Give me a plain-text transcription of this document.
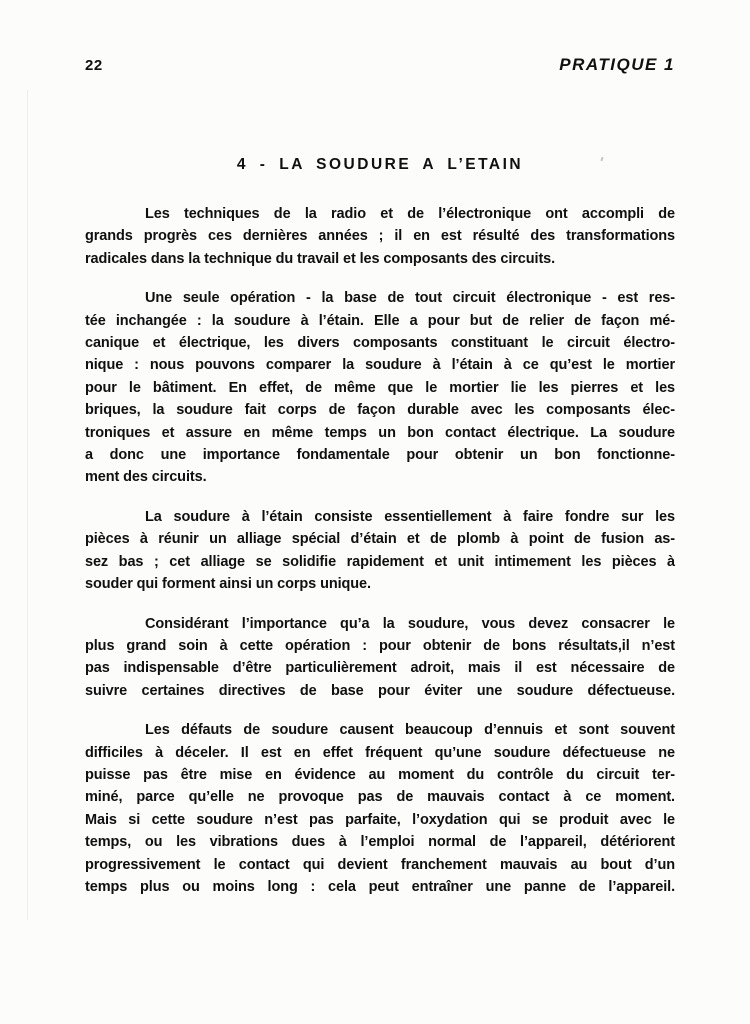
22	PRATIQUE 1
4 - LA SOUDURE A L’ETAIN
Les techniques de la radio et de l’électronique ont accompli de
grands progrès ces dernières années ; il en est résulté des transformations
radicales dans la technique du travail et les composants des circuits.
Une seule opération - la base de tout circuit électronique - est res-
tée inchangée : la soudure à l’étain. Elle a pour but de relier de façon mé-
canique et électrique, les divers composants constituant le circuit électro-
nique : nous pouvons comparer la soudure à l’étain à ce qu’est le mortier
pour le bâtiment. En effet, de même que le mortier lie les pierres et les
briques, la soudure fait corps de façon durable avec les composants élec-
troniques et assure en même temps un bon contact électrique. La soudure
a donc une importance fondamentale pour obtenir un bon fonctionne-
ment des circuits.
La soudure à l’étain consiste essentiellement à faire fondre sur les
pièces à réunir un alliage spécial d’étain et de plomb à point de fusion as-
sez bas ; cet alliage se solidifie rapidement et unit intimement les pièces à
souder qui forment ainsi un corps unique.
Considérant l’importance qu’a la soudure, vous devez consacrer le
plus grand soin à cette opération : pour obtenir de bons résultats,il n’est
pas indispensable d’être particulièrement adroit, mais il est nécessaire de
suivre certaines directives de base pour éviter une soudure défectueuse.
Les défauts de soudure causent beaucoup d’ennuis et sont souvent
difficiles à déceler. Il est en effet fréquent qu’une soudure défectueuse ne
puisse pas être mise en évidence au moment du contrôle du circuit ter-
miné, parce qu’elle ne provoque pas de mauvais contact à ce moment.
Mais si cette soudure n’est pas parfaite, l’oxydation qui se produit avec le
temps, ou les vibrations dues à l’emploi normal de l’appareil, détériorent
progressivement le contact qui devient franchement mauvais au bout d’un
temps plus ou moins long : cela peut entraîner une panne de l’appareil.
